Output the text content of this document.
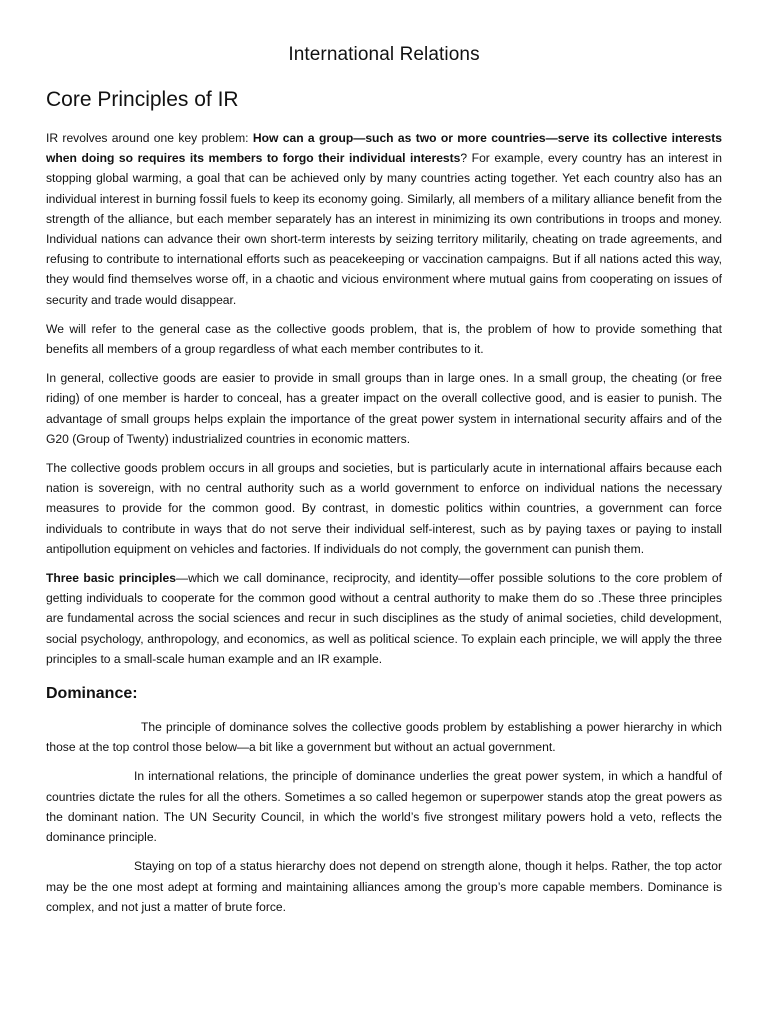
International Relations
Core Principles of IR

IR revolves around one key problem: How can a group—such as two or more countries—serve its collective interests when doing so requires its members to forgo their individual interests? For example, every country has an interest in stopping global warming, a goal that can be achieved only by many countries acting together. Yet each country also has an individual interest in burning fossil fuels to keep its economy going. Similarly, all members of a military alliance benefit from the strength of the alliance, but each member separately has an interest in minimizing its own contributions in troops and money. Individual nations can advance their own short-term interests by seizing territory militarily, cheating on trade agreements, and refusing to contribute to international efforts such as peacekeeping or vaccination campaigns. But if all nations acted this way, they would find themselves worse off, in a chaotic and vicious environment where mutual gains from cooperating on issues of security and trade would disappear.

We will refer to the general case as the collective goods problem, that is, the problem of how to provide something that benefits all members of a group regardless of what each member contributes to it.

In general, collective goods are easier to provide in small groups than in large ones. In a small group, the cheating (or free riding) of one member is harder to conceal, has a greater impact on the overall collective good, and is easier to punish. The advantage of small groups helps explain the importance of the great power system in international security affairs and of the G20 (Group of Twenty) industrialized countries in economic matters.

The collective goods problem occurs in all groups and societies, but is particularly acute in international affairs because each nation is sovereign, with no central authority such as a world government to enforce on individual nations the necessary measures to provide for the common good. By contrast, in domestic politics within countries, a government can force individuals to contribute in ways that do not serve their individual self-interest, such as by paying taxes or paying to install antipollution equipment on vehicles and factories. If individuals do not comply, the government can punish them.

Three basic principles—which we call dominance, reciprocity, and identity—offer possible solutions to the core problem of getting individuals to cooperate for the common good without a central authority to make them do so .These three principles are fundamental across the social sciences and recur in such disciplines as the study of animal societies, child development, social psychology, anthropology, and economics, as well as political science. To explain each principle, we will apply the three principles to a small-scale human example and an IR example.

Dominance:

The principle of dominance solves the collective goods problem by establishing a power hierarchy in which those at the top control those below—a bit like a government but without an actual government.

In international relations, the principle of dominance underlies the great power system, in which a handful of countries dictate the rules for all the others. Sometimes a so called hegemon or superpower stands atop the great powers as the dominant nation. The UN Security Council, in which the world’s five strongest military powers hold a veto, reflects the dominance principle.

Staying on top of a status hierarchy does not depend on strength alone, though it helps. Rather, the top actor may be the one most adept at forming and maintaining alliances among the group’s more capable members. Dominance is complex, and not just a matter of brute force.
